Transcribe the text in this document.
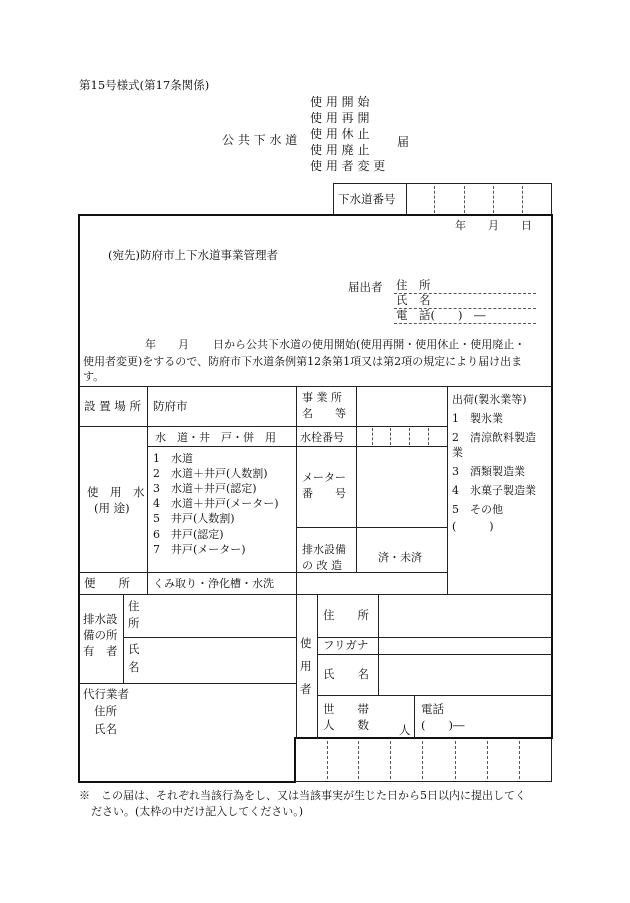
第15号様式(第17条関係)
使 用 開 始
使 用 再 開
使 用 休 止
使 用 廃 止
使 用 者 変 更
公 共 下 水 道	届
下水道番号
年 月 日
(宛先)防府市上下水道事業管理者
届出者 住　所
氏　名
電　話(　　)　―
年 月 日から公共下水道の使用開始(使用再開・使用休止・使用廃止・
使用者変更)をするので、防府市下水道条例第12条第1項又は第2項の規定により届け出ま
す。
設 置 場 所 防府市
事 業 所
名　　等
出荷(製氷業等)
1　製氷業
2　清涼飲料製造
業
3　酒類製造業
4　氷菓子製造業
5　その他
(　　　)
水　道・井　戸・併　用 水栓番号
使　用　水
(用 途)
1　水道
2　水道＋井戸(人数割)
3　水道＋井戸(認定)
4　水道＋井戸(メーター)
5　井戸(人数割)
6　井戸(認定)
7　井戸(メーター)
メーター
番　　号
排水設備
の 改 造
済・未済
便　　所 くみ取り・浄化槽・水洗
排水設
備の所
有　者
住
所
氏
名
使
用
者
住　　所
フリガナ
氏　　名
世　　帯
人　　数	人
電話
(　　)―
代行業者
住所
氏名
※　この届は、それぞれ当該行為をし、又は当該事実が生じた日から5日以内に提出してく
ださい。(太枠の中だけ記入してください。)
